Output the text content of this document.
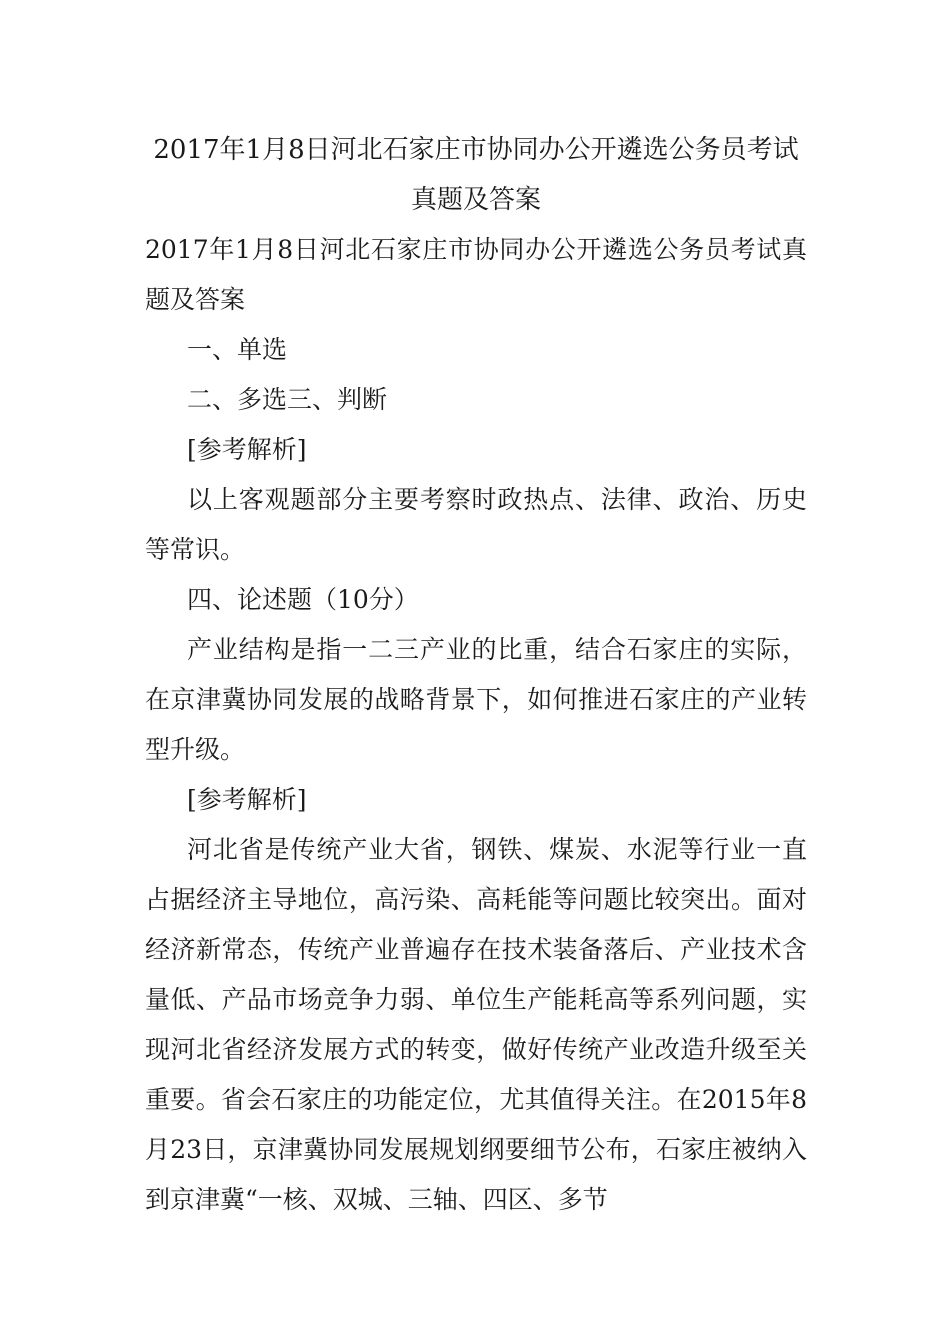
2017年1月8日河北石家庄市协同办公开遴选公务员考试真题及答案

2017年1月8日河北石家庄市协同办公开遴选公务员考试真题及答案

一、单选

二、多选三、判断

[参考解析]

以上客观题部分主要考察时政热点、法律、政治、历史等常识。

四、论述题（10分）

产业结构是指一二三产业的比重，结合石家庄的实际，在京津冀协同发展的战略背景下，如何推进石家庄的产业转型升级。

[参考解析]

河北省是传统产业大省，钢铁、煤炭、水泥等行业一直占据经济主导地位，高污染、高耗能等问题比较突出。面对经济新常态，传统产业普遍存在技术装备落后、产业技术含量低、产品市场竞争力弱、单位生产能耗高等系列问题，实现河北省经济发展方式的转变，做好传统产业改造升级至关重要。省会石家庄的功能定位，尤其值得关注。在2015年8月23日，京津冀协同发展规划纲要细节公布，石家庄被纳入到京津冀“一核、双城、三轴、四区、多节
